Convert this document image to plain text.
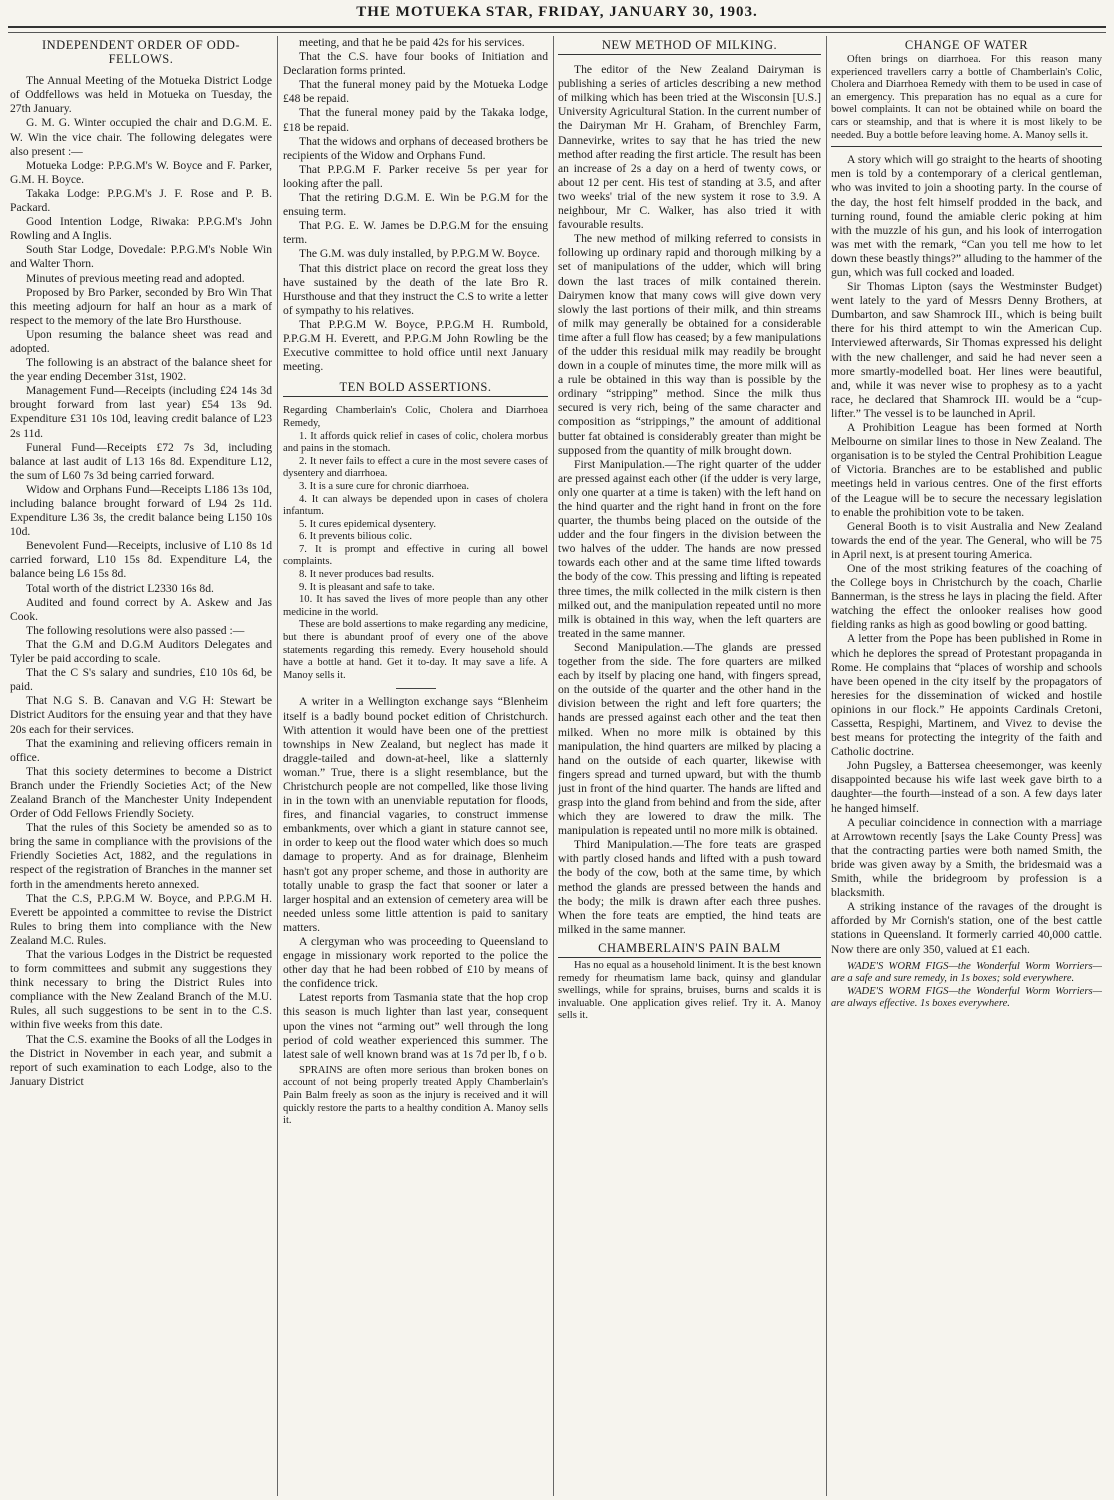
THE MOTUEKA STAR, FRIDAY, JANUARY 30, 1903.
INDEPENDENT ORDER OF ODD-FELLOWS.

The Annual Meeting of the Motueka District Lodge of Oddfellows was held in Motueka on Tuesday, the 27th January.

G. M. G. Winter occupied the chair and D.G.M. E. W. Win the vice chair. The following delegates were also present :—

Motueka Lodge: P.P.G.M's W. Boyce and F. Parker, G.M. H. Boyce.

Takaka Lodge: P.P.G.M's J. F. Rose and P. B. Packard.

Good Intention Lodge, Riwaka: P.P.G.M's John Rowling and A Inglis.

South Star Lodge, Dovedale: P.P.G.M's Noble Win and Walter Thorn.

Minutes of previous meeting read and adopted.

Proposed by Bro Parker, seconded by Bro Win That this meeting adjourn for half an hour as a mark of respect to the memory of the late Bro Hursthouse.

Upon resuming the balance sheet was read and adopted.

The following is an abstract of the balance sheet for the year ending December 31st, 1902.

Management Fund—Receipts (including £24 14s 3d brought forward from last year) £54 13s 9d. Expenditure £31 10s 10d, leaving credit balance of L23 2s 11d.

Funeral Fund—Receipts £72 7s 3d, including balance at last audit of L13 16s 8d. Expenditure L12, the sum of L60 7s 3d being carried forward.

Widow and Orphans Fund—Receipts L186 13s 10d, including balance brought forward of L94 2s 11d. Expenditure L36 3s, the credit balance being L150 10s 10d.

Benevolent Fund—Receipts, inclusive of L10 8s 1d carried forward, L10 15s 8d. Expenditure L4, the balance being L6 15s 8d.

Total worth of the district L2330 16s 8d.

Audited and found correct by A. Askew and Jas Cook.

The following resolutions were also passed :—

That the G.M and D.G.M Auditors Delegates and Tyler be paid according to scale.

That the C S's salary and sundries, £10 10s 6d, be paid.

That N.G S. B. Canavan and V.G H: Stewart be District Auditors for the ensuing year and that they have 20s each for their services.

That the examining and relieving officers remain in office.

That this society determines to become a District Branch under the Friendly Societies Act; of the New Zealand Branch of the Manchester Unity Independent Order of Odd Fellows Friendly Society.

That the rules of this Society be amended so as to bring the same in compliance with the provisions of the Friendly Societies Act, 1882, and the regulations in respect of the registration of Branches in the manner set forth in the amendments hereto annexed.

That the C.S, P.P.G.M W. Boyce, and P.P.G.M H. Everett be appointed a committee to revise the District Rules to bring them into compliance with the New Zealand M.C. Rules.

That the various Lodges in the District be requested to form committees and submit any suggestions they think necessary to bring the District Rules into compliance with the New Zealand Branch of the M.U. Rules, all such suggestions to be sent in to the C.S. within five weeks from this date.

That the C.S. examine the Books of all the Lodges in the District in November in each year, and submit a report of such examination to each Lodge, also to the January District

meeting, and that he be paid 42s for his services.

That the C.S. have four books of Initiation and Declaration forms printed.

That the funeral money paid by the Motueka Lodge £48 be repaid.

That the funeral money paid by the Takaka lodge, £18 be repaid.

That the widows and orphans of deceased brothers be recipients of the Widow and Orphans Fund.

That P.P.G.M F. Parker receive 5s per year for looking after the pall.

That the retiring D.G.M. E. Win be P.G.M for the ensuing term.

That P.G. E. W. James be D.P.G.M for the ensuing term.

The G.M. was duly installed, by P.P.G.M W. Boyce.

That this district place on record the great loss they have sustained by the death of the late Bro R. Hursthouse and that they instruct the C.S to write a letter of sympathy to his relatives.

That P.P.G.M W. Boyce, P.P.G.M H. Rumbold, P.P.G.M H. Everett, and P.P.G.M John Rowling be the Executive committee to hold office until next January meeting.

TEN BOLD ASSERTIONS.
Regarding Chamberlain's Colic, Cholera and Diarrhoea Remedy,

1. It affords quick relief in cases of colic, cholera morbus and pains in the stomach.

2. It never fails to effect a cure in the most severe cases of dysentery and diarrhoea.

3. It is a sure cure for chronic diarrhoea.

4. It can always be depended upon in cases of cholera infantum.

5. It cures epidemical dysentery.

6. It prevents bilious colic.

7. It is prompt and effective in curing all bowel complaints.

8. It never produces bad results.

9. It is pleasant and safe to take.

10. It has saved the lives of more people than any other medicine in the world.

These are bold assertions to make regarding any medicine, but there is abundant proof of every one of the above statements regarding this remedy. Every household should have a bottle at hand. Get it to-day. It may save a life. A Manoy sells it.

A writer in a Wellington exchange says “Blenheim itself is a badly bound pocket edition of Christchurch. With attention it would have been one of the prettiest townships in New Zealand, but neglect has made it draggle-tailed and down-at-heel, like a slatternly woman.” True, there is a slight resemblance, but the Christchurch people are not compelled, like those living in in the town with an unenviable reputation for floods, fires, and financial vagaries, to construct immense embankments, over which a giant in stature cannot see, in order to keep out the flood water which does so much damage to property. And as for drainage, Blenheim hasn't got any proper scheme, and those in authority are totally unable to grasp the fact that sooner or later a larger hospital and an extension of cemetery area will be needed unless some little attention is paid to sanitary matters.

A clergyman who was proceeding to Queensland to engage in missionary work reported to the police the other day that he had been robbed of £10 by means of the confidence trick.

Latest reports from Tasmania state that the hop crop this season is much lighter than last year, consequent upon the vines not “arming out” well through the long period of cold weather experienced this summer. The latest sale of well known brand was at 1s 7d per lb, f o b.

SPRAINS are often more serious than broken bones on account of not being properly treated Apply Chamberlain's Pain Balm freely as soon as the injury is received and it will quickly restore the parts to a healthy condition A. Manoy sells it.

NEW METHOD OF MILKING.

The editor of the New Zealand Dairyman is publishing a series of articles describing a new method of milking which has been tried at the Wisconsin [U.S.] University Agricultural Station. In the current number of the Dairyman Mr H. Graham, of Brenchley Farm, Dannevirke, writes to say that he has tried the new method after reading the first article. The result has been an increase of 2s a day on a herd of twenty cows, or about 12 per cent. His test of standing at 3.5, and after two weeks' trial of the new system it rose to 3.9. A neighbour, Mr C. Walker, has also tried it with favourable results.

The new method of milking referred to consists in following up ordinary rapid and thorough milking by a set of manipulations of the udder, which will bring down the last traces of milk contained therein. Dairymen know that many cows will give down very slowly the last portions of their milk, and thin streams of milk may generally be obtained for a considerable time after a full flow has ceased; by a few manipulations of the udder this residual milk may readily be brought down in a couple of minutes time, the more milk will as a rule be obtained in this way than is possible by the ordinary “stripping” method. Since the milk thus secured is very rich, being of the same character and composition as “strippings,” the amount of additional butter fat obtained is considerably greater than might be supposed from the quantity of milk brought down.

First Manipulation.—The right quarter of the udder are pressed against each other (if the udder is very large, only one quarter at a time is taken) with the left hand on the hind quarter and the right hand in front on the fore quarter, the thumbs being placed on the outside of the udder and the four fingers in the division between the two halves of the udder. The hands are now pressed towards each other and at the same time lifted towards the body of the cow. This pressing and lifting is repeated three times, the milk collected in the milk cistern is then milked out, and the manipulation repeated until no more milk is obtained in this way, when the left quarters are treated in the same manner.

Second Manipulation.—The glands are pressed together from the side. The fore quarters are milked each by itself by placing one hand, with fingers spread, on the outside of the quarter and the other hand in the division between the right and left fore quarters; the hands are pressed against each other and the teat then milked. When no more milk is obtained by this manipulation, the hind quarters are milked by placing a hand on the outside of each quarter, likewise with fingers spread and turned upward, but with the thumb just in front of the hind quarter. The hands are lifted and grasp into the gland from behind and from the side, after which they are lowered to draw the milk. The manipulation is repeated until no more milk is obtained.

Third Manipulation.—The fore teats are grasped with partly closed hands and lifted with a push toward the body of the cow, both at the same time, by which method the glands are pressed between the hands and the body; the milk is drawn after each three pushes. When the fore teats are emptied, the hind teats are milked in the same manner.

CHAMBERLAIN'S PAIN BALM

Has no equal as a household liniment. It is the best known remedy for rheumatism lame back, quinsy and glandular swellings, while for sprains, bruises, burns and scalds it is invaluable. One application gives relief. Try it. A. Manoy sells it.

CHANGE OF WATER

Often brings on diarrhoea. For this reason many experienced travellers carry a bottle of Chamberlain's Colic, Cholera and Diarrhoea Remedy with them to be used in case of an emergency. This preparation has no equal as a cure for bowel complaints. It can not be obtained while on board the cars or steamship, and that is where it is most likely to be needed. Buy a bottle before leaving home. A. Manoy sells it.

A story which will go straight to the hearts of shooting men is told by a contemporary of a clerical gentleman, who was invited to join a shooting party. In the course of the day, the host felt himself prodded in the back, and turning round, found the amiable cleric poking at him with the muzzle of his gun, and his look of interrogation was met with the remark, “Can you tell me how to let down these beastly things?” alluding to the hammer of the gun, which was full cocked and loaded.

Sir Thomas Lipton (says the Westminster Budget) went lately to the yard of Messrs Denny Brothers, at Dumbarton, and saw Shamrock III., which is being built there for his third attempt to win the American Cup. Interviewed afterwards, Sir Thomas expressed his delight with the new challenger, and said he had never seen a more smartly-modelled boat. Her lines were beautiful, and, while it was never wise to prophesy as to a yacht race, he declared that Shamrock III. would be a “cup-lifter.” The vessel is to be launched in April.

A Prohibition League has been formed at North Melbourne on similar lines to those in New Zealand. The organisation is to be styled the Central Prohibition League of Victoria. Branches are to be established and public meetings held in various centres. One of the first efforts of the League will be to secure the necessary legislation to enable the prohibition vote to be taken.

General Booth is to visit Australia and New Zealand towards the end of the year. The General, who will be 75 in April next, is at present touring America.

One of the most striking features of the coaching of the College boys in Christchurch by the coach, Charlie Bannerman, is the stress he lays in placing the field. After watching the effect the onlooker realises how good fielding ranks as high as good bowling or good batting.

A letter from the Pope has been published in Rome in which he deplores the spread of Protestant propaganda in Rome. He complains that “places of worship and schools have been opened in the city itself by the propagators of heresies for the dissemination of wicked and hostile opinions in our flock.” He appoints Cardinals Cretoni, Cassetta, Respighi, Martinem, and Vivez to devise the best means for protecting the integrity of the faith and Catholic doctrine.

John Pugsley, a Battersea cheesemonger, was keenly disappointed because his wife last week gave birth to a daughter—the fourth—instead of a son. A few days later he hanged himself.

A peculiar coincidence in connection with a marriage at Arrowtown recently [says the Lake County Press] was that the contracting parties were both named Smith, the bride was given away by a Smith, the bridesmaid was a Smith, while the bridegroom by profession is a blacksmith.

A striking instance of the ravages of the drought is afforded by Mr Cornish's station, one of the best cattle stations in Queensland. It formerly carried 40,000 cattle. Now there are only 350, valued at £1 each.

WADE'S WORM FIGS—the Wonderful Worm Worriers—are a safe and sure remedy, in 1s boxes; sold everywhere.

WADE'S WORM FIGS—the Wonderful Worm Worriers—are always effective. 1s boxes everywhere.
